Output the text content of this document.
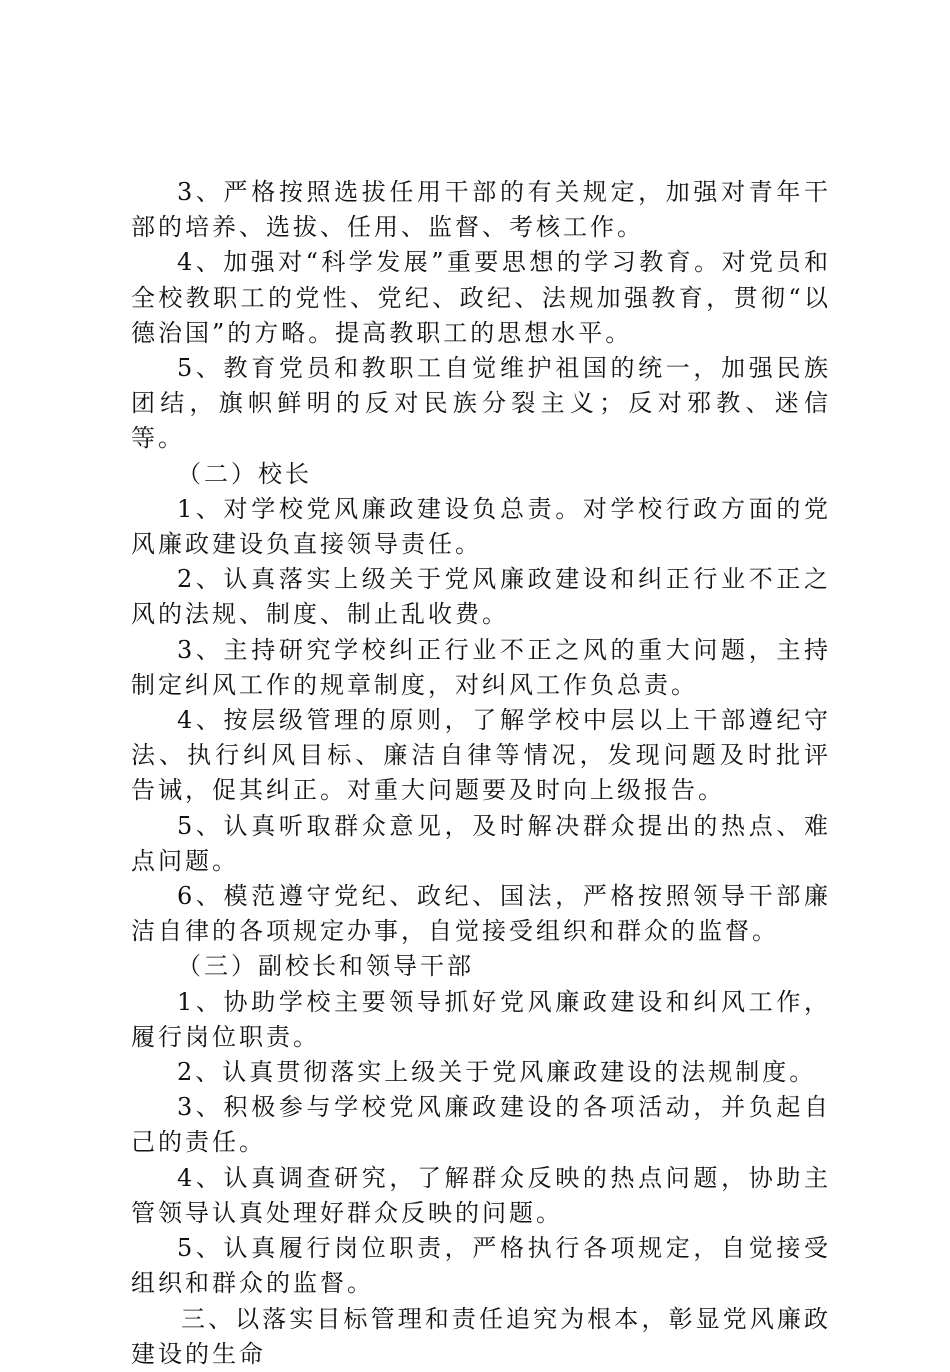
3、严格按照选拔任用干部的有关规定，加强对青年干部的培养、选拔、任用、监督、考核工作。

4、加强对“科学发展”重要思想的学习教育。对党员和全校教职工的党性、党纪、政纪、法规加强教育，贯彻“以德治国”的方略。提高教职工的思想水平。

5、教育党员和教职工自觉维护祖国的统一，加强民族团结，旗帜鲜明的反对民族分裂主义；反对邪教、迷信等。

（二）校长

1、对学校党风廉政建设负总责。对学校行政方面的党风廉政建设负直接领导责任。

2、认真落实上级关于党风廉政建设和纠正行业不正之风的法规、制度、制止乱收费。

3、主持研究学校纠正行业不正之风的重大问题，主持制定纠风工作的规章制度，对纠风工作负总责。

4、按层级管理的原则，了解学校中层以上干部遵纪守法、执行纠风目标、廉洁自律等情况，发现问题及时批评告诫，促其纠正。对重大问题要及时向上级报告。

5、认真听取群众意见，及时解决群众提出的热点、难点问题。

6、模范遵守党纪、政纪、国法，严格按照领导干部廉洁自律的各项规定办事，自觉接受组织和群众的监督。

（三）副校长和领导干部

1、协助学校主要领导抓好党风廉政建设和纠风工作，履行岗位职责。

2、认真贯彻落实上级关于党风廉政建设的法规制度。

3、积极参与学校党风廉政建设的各项活动，并负起自己的责任。

4、认真调查研究，了解群众反映的热点问题，协助主管领导认真处理好群众反映的问题。

5、认真履行岗位职责，严格执行各项规定，自觉接受组织和群众的监督。

三、以落实目标管理和责任追究为根本，彰显党风廉政建设的生命
